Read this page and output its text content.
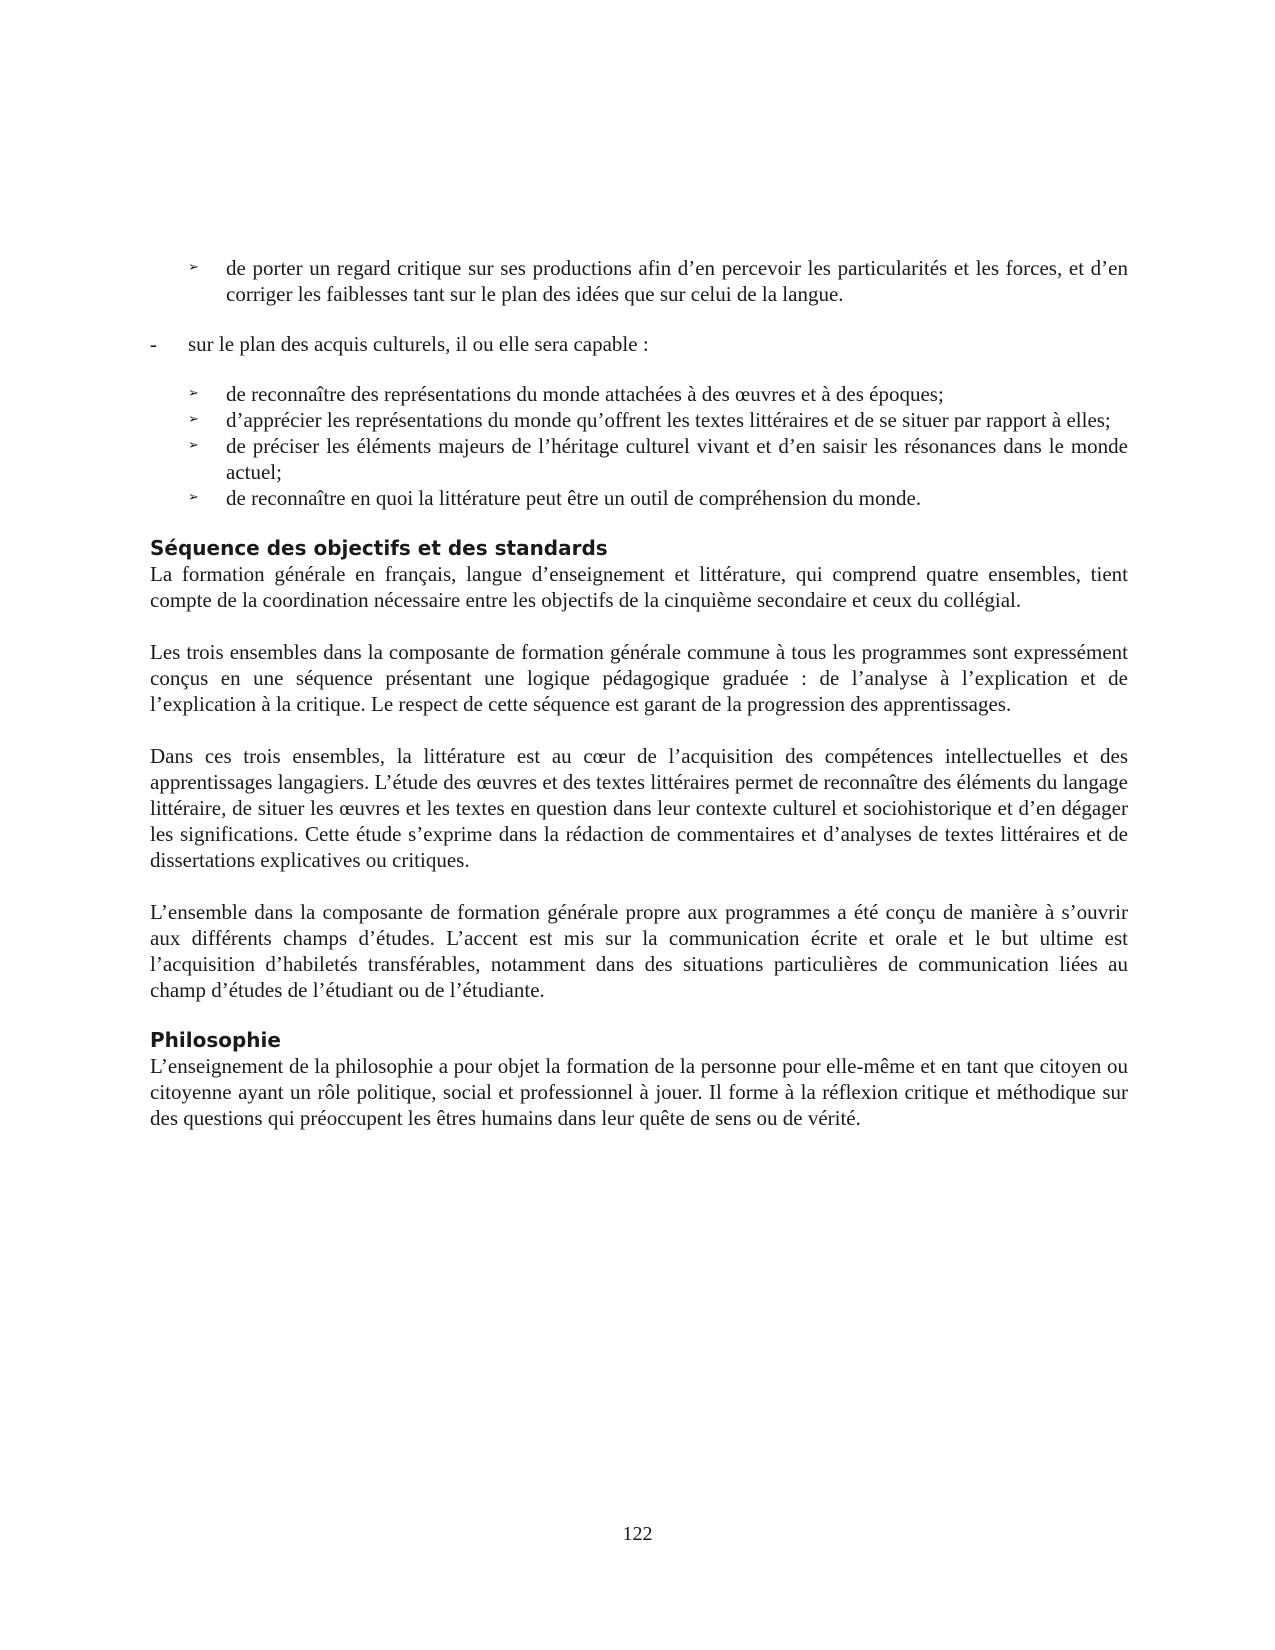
➢ de porter un regard critique sur ses productions afin d’en percevoir les particularités et les forces, et d’en corriger les faiblesses tant sur le plan des idées que sur celui de la langue.
- sur le plan des acquis culturels, il ou elle sera capable :
➢ de reconnaître des représentations du monde attachées à des œuvres et à des époques;
➢ d’apprécier les représentations du monde qu’offrent les textes littéraires et de se situer par rapport à elles;
➢ de préciser les éléments majeurs de l’héritage culturel vivant et d’en saisir les résonances dans le monde actuel;
➢ de reconnaître en quoi la littérature peut être un outil de compréhension du monde.
Séquence des objectifs et des standards

La formation générale en français, langue d’enseignement et littérature, qui comprend quatre ensembles, tient compte de la coordination nécessaire entre les objectifs de la cinquième secondaire et ceux du collégial.

Les trois ensembles dans la composante de formation générale commune à tous les programmes sont expressément conçus en une séquence présentant une logique pédagogique graduée : de l’analyse à l’explication et de l’explication à la critique. Le respect de cette séquence est garant de la progression des apprentissages.

Dans ces trois ensembles, la littérature est au cœur de l’acquisition des compétences intellectuelles et des apprentissages langagiers. L’étude des œuvres et des textes littéraires permet de reconnaître des éléments du langage littéraire, de situer les œuvres et les textes en question dans leur contexte culturel et sociohistorique et d’en dégager les significations. Cette étude s’exprime dans la rédaction de commentaires et d’analyses de textes littéraires et de dissertations explicatives ou critiques.

L’ensemble dans la composante de formation générale propre aux programmes a été conçu de manière à s’ouvrir aux différents champs d’études. L’accent est mis sur la communication écrite et orale et le but ultime est l’acquisition d’habiletés transférables, notamment dans des situations particulières de communication liées au champ d’études de l’étudiant ou de l’étudiante.

Philosophie

L’enseignement de la philosophie a pour objet la formation de la personne pour elle-même et en tant que citoyen ou citoyenne ayant un rôle politique, social et professionnel à jouer. Il forme à la réflexion critique et méthodique sur des questions qui préoccupent les êtres humains dans leur quête de sens ou de vérité.

122
